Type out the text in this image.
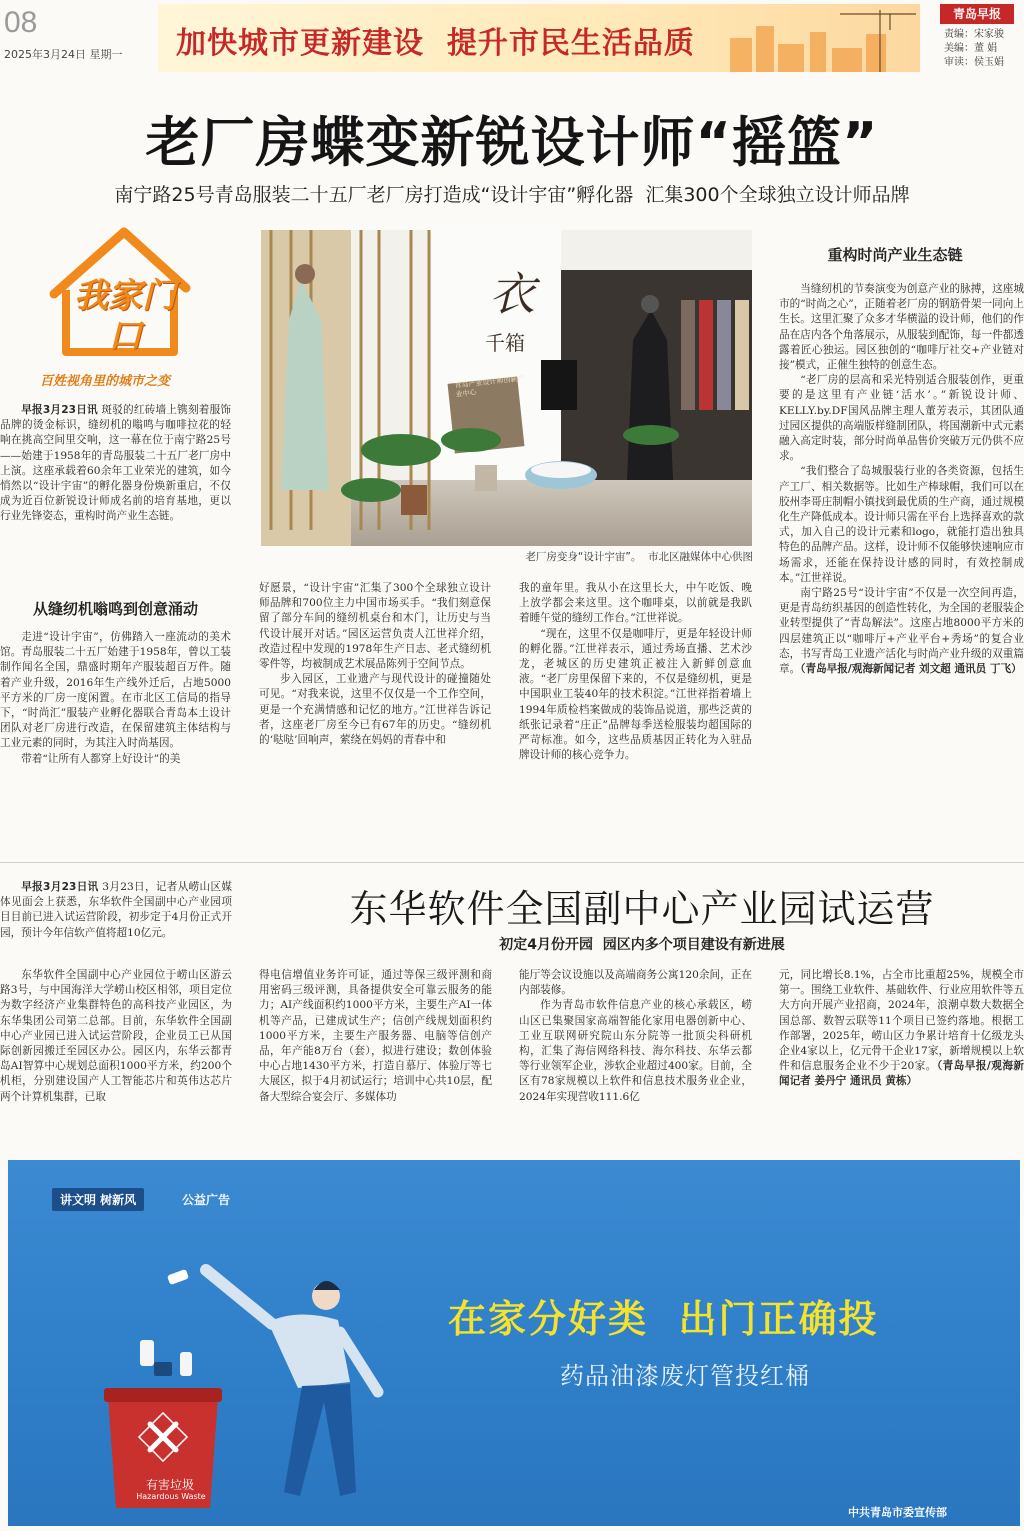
08
2025年3月24日 星期一 加快城市更新建设  提升市民生活品质
青岛早报
责编：宋家骏
美编：董 娟
审读：侯玉娟
老厂房蝶变新锐设计师“摇篮”
南宁路25号青岛服装二十五厂老厂房打造成“设计宇宙”孵化器  汇集300个全球独立设计师品牌
我家门口
百姓视角里的城市之变
衣
千箱
青岛产业设计师创新产业中心
老厂房变身“设计宇宙”。  市北区融媒体中心供图

早报3月23日讯 斑驳的红砖墙上镌刻着服饰品牌的烫金标识，缝纫机的嗡鸣与咖啡拉花的轻响在挑高空间里交响，这一幕在位于南宁路25号——始建于1958年的青岛服装二十五厂老厂房中上演。这座承载着60余年工业荣光的建筑，如今悄然以“设计宇宙”的孵化器身份焕新重启，不仅成为近百位新锐设计师成名前的培育基地，更以行业先锋姿态，重构时尚产业生态链。

从缝纫机嗡鸣到创意涌动

走进“设计宇宙”，仿佛踏入一座流动的美术馆。青岛服装二十五厂始建于1958年，曾以工装制作闻名全国，鼎盛时期年产服装超百万件。随着产业升级，2016年生产线外迁后，占地5000平方米的厂房一度闲置。在市北区工信局的指导下，“时尚汇”服装产业孵化器联合青岛本土设计团队对老厂房进行改造，在保留建筑主体结构与工业元素的同时，为其注入时尚基因。

带着“让所有人都穿上好设计”的美

好愿景，“设计宇宙”汇集了300个全球独立设计师品牌和700位主力中国市场买手。“我们刻意保留了部分车间的缝纫机桌台和木门，让历史与当代设计展开对话。”园区运营负责人江世祥介绍，改造过程中发现的1978年生产日志、老式缝纫机零件等，均被制成艺术展品陈列于空间节点。

步入园区，工业遗产与现代设计的碰撞随处可见。“对我来说，这里不仅仅是一个工作空间，更是一个充满情感和记忆的地方。”江世祥告诉记者，这座老厂房至今已有67年的历史。“缝纫机的‘哒哒’回响声，萦绕在妈妈的青春中和

我的童年里。我从小在这里长大，中午吃饭、晚上放学都会来这里。这个咖啡桌，以前就是我趴着睡午觉的缝纫工作台。”江世祥说。

“现在，这里不仅是咖啡厅，更是年轻设计师的孵化器。”江世祥表示，通过秀场直播、艺术沙龙，老城区的历史建筑正被注入新鲜创意血液。“老厂房里保留下来的，不仅是缝纫机，更是中国职业工装40年的技术积淀。”江世祥指着墙上1994年质检档案做成的装饰品说道，那些泛黄的纸张记录着“庄正”品牌每季送检服装均超国际的严苛标准。如今，这些品质基因正转化为入驻品牌设计师的核心竞争力。

重构时尚产业生态链

当缝纫机的节奏演变为创意产业的脉搏，这座城市的“时尚之心”，正随着老厂房的钢筋骨架一同向上生长。这里汇聚了众多才华横溢的设计师，他们的作品在店内各个角落展示，从服装到配饰，每一件都透露着匠心独运。园区独创的“咖啡厅社交+产业链对接”模式，正催生独特的创意生态。

“老厂房的层高和采光特别适合服装创作，更重要的是这里有产业链‘活水’。”新锐设计师、KELLY.by.DF国风品牌主理人董芳表示，其团队通过园区提供的高端版样缝制团队，将国潮新中式元素融入高定时装，部分时尚单品售价突破万元仍供不应求。

“我们整合了岛城服装行业的各类资源，包括生产工厂、相关数据等。比如生产棒球帽，我们可以在胶州李哥庄制帽小镇找到最优质的生产商，通过规模化生产降低成本。设计师只需在平台上选择喜欢的款式，加入自己的设计元素和logo，就能打造出独具特色的品牌产品。这样，设计师不仅能够快速响应市场需求，还能在保持设计感的同时，有效控制成本。”江世祥说。

南宁路25号“设计宇宙”不仅是一次空间再造，更是青岛纺织基因的创造性转化，为全国的老服装企业转型提供了“青岛解法”。这座占地8000平方米的四层建筑正以“咖啡厅+产业平台+秀场”的复合业态，书写青岛工业遗产活化与时尚产业升级的双重篇章。（青岛早报/观海新闻记者 刘文超 通讯员 丁飞）

早报3月23日讯 3月23日，记者从崂山区媒体见面会上获悉，东华软件全国副中心产业园项目目前已进入试运营阶段，初步定于4月份正式开园，预计今年信软产值将超10亿元。

东华软件全国副中心产业园试运营
初定4月份开园  园区内多个项目建设有新进展

东华软件全国副中心产业园位于崂山区游云路3号，与中国海洋大学崂山校区相邻，项目定位为数字经济产业集群特色的高科技产业园区，为东华集团公司第二总部。目前，东华软件全国副中心产业园已进入试运营阶段，企业员工已从国际创新园搬迁至园区办公。园区内，东华云都青岛AI智算中心规划总面积1000平方米，约200个机柜，分别建设国产人工智能芯片和英伟达芯片两个计算机集群，已取

得电信增值业务许可证，通过等保三级评测和商用密码三级评测，具备提供安全可靠云服务的能力；AI产线面积约1000平方米，主要生产AI一体机等产品，已建成试生产；信创产线规划面积约1000平方米，主要生产服务器、电脑等信创产品，年产能8万台（套），拟进行建设；数创体验中心占地1430平方米，打造自慕厅、体验厅等七大展区，拟于4月初试运行；培训中心共10层，配备大型综合宴会厅、多媒体功

能厅等会议设施以及高端商务公寓120余间，正在内部装修。

作为青岛市软件信息产业的核心承载区，崂山区已集聚国家高端智能化家用电器创新中心、工业互联网研究院山东分院等一批顶尖科研机构，汇集了海信网络科技、海尔科技、东华云都等行业领军企业，涉软企业超过400家。目前，全区有78家规模以上软件和信息技术服务业企业，2024年实现营收111.6亿

元，同比增长8.1%，占全市比重超25%，规模全市第一。围绕工业软件、基础软件、行业应用软件等五大方向开展产业招商，2024年，浪潮卓数大数据全国总部、数智云联等11个项目已签约落地。根据工作部署，2025年，崂山区力争累计培育十亿级龙头企业4家以上，亿元骨干企业17家，新增规模以上软件和信息服务企业不少于20家。（青岛早报/观海新闻记者 姜丹宁 通讯员 黄栋）

讲文明 树新风	公益广告
有害垃圾
Hazardous Waste
在家分好类  出门正确投
药品油漆废灯管投红桶
中共青岛市委宣传部
